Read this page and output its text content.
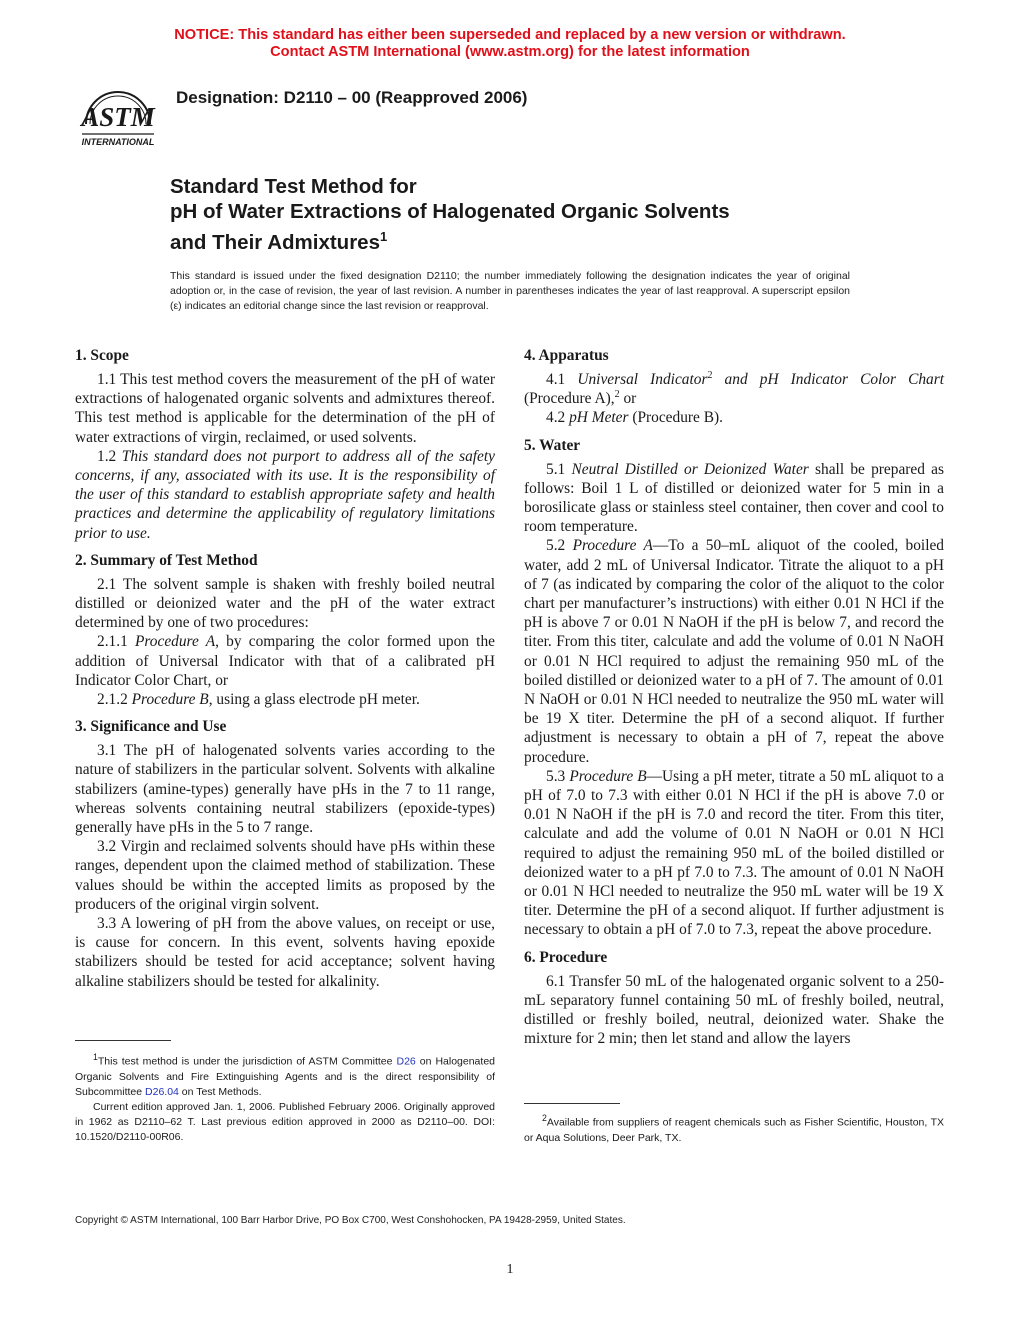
NOTICE: This standard has either been superseded and replaced by a new version or withdrawn.
Contact ASTM International (www.astm.org) for the latest information
ASTM
INTERNATIONAL
Designation: D2110 – 00 (Reapproved 2006)
Standard Test Method for
pH of Water Extractions of Halogenated Organic Solvents
and Their Admixtures$^1$
This standard is issued under the fixed designation D2110; the number immediately following the designation indicates the year of original adoption or, in the case of revision, the year of last revision. A number in parentheses indicates the year of last reapproval. A superscript epsilon (ε) indicates an editorial change since the last revision or reapproval.
1. Scope

1.1 This test method covers the measurement of the pH of water extractions of halogenated organic solvents and admixtures thereof. This test method is applicable for the determination of the pH of water extractions of virgin, reclaimed, or used solvents.

1.2 This standard does not purport to address all of the safety concerns, if any, associated with its use. It is the responsibility of the user of this standard to establish appropriate safety and health practices and determine the applicability of regulatory limitations prior to use.

2. Summary of Test Method

2.1 The solvent sample is shaken with freshly boiled neutral distilled or deionized water and the pH of the water extract determined by one of two procedures:

2.1.1 Procedure A, by comparing the color formed upon the addition of Universal Indicator with that of a calibrated pH Indicator Color Chart, or

2.1.2 Procedure B, using a glass electrode pH meter.

3. Significance and Use

3.1 The pH of halogenated solvents varies according to the nature of stabilizers in the particular solvent. Solvents with alkaline stabilizers (amine-types) generally have pHs in the 7 to 11 range, whereas solvents containing neutral stabilizers (epoxide-types) generally have pHs in the 5 to 7 range.

3.2 Virgin and reclaimed solvents should have pHs within these ranges, dependent upon the claimed method of stabilization. These values should be within the accepted limits as proposed by the producers of the original virgin solvent.

3.3 A lowering of pH from the above values, on receipt or use, is cause for concern. In this event, solvents having epoxide stabilizers should be tested for acid acceptance; solvent having alkaline stabilizers should be tested for alkalinity.

4. Apparatus

4.1 Universal Indicator$^2$ and pH Indicator Color Chart (Procedure A),$^2$ or

4.2 pH Meter (Procedure B).

5. Water

5.1 Neutral Distilled or Deionized Water shall be prepared as follows: Boil 1 L of distilled or deionized water for 5 min in a borosilicate glass or stainless steel container, then cover and cool to room temperature.

5.2 Procedure A—To a 50–mL aliquot of the cooled, boiled water, add 2 mL of Universal Indicator. Titrate the aliquot to a pH of 7 (as indicated by comparing the color of the aliquot to the color chart per manufacturer’s instructions) with either 0.01 N HCl if the pH is above 7 or 0.01 N NaOH if the pH is below 7, and record the titer. From this titer, calculate and add the volume of 0.01 N NaOH or 0.01 N HCl required to adjust the remaining 950 mL of the boiled distilled or deionized water to a pH of 7. The amount of 0.01 N NaOH or 0.01 N HCl needed to neutralize the 950 mL water will be 19 X titer. Determine the pH of a second aliquot. If further adjustment is necessary to obtain a pH of 7, repeat the above procedure.

5.3 Procedure B—Using a pH meter, titrate a 50 mL aliquot to a pH of 7.0 to 7.3 with either 0.01 N HCl if the pH is above 7.0 or 0.01 N NaOH if the pH is 7.0 and record the titer. From this titer, calculate and add the volume of 0.01 N NaOH or 0.01 N HCl required to adjust the remaining 950 mL of the boiled distilled or deionized water to a pH pf 7.0 to 7.3. The amount of 0.01 N NaOH or 0.01 N HCl needed to neutralize the 950 mL water will be 19 X titer. Determine the pH of a second aliquot. If further adjustment is necessary to obtain a pH of 7.0 to 7.3, repeat the above procedure.

6. Procedure

6.1 Transfer 50 mL of the halogenated organic solvent to a 250-mL separatory funnel containing 50 mL of freshly boiled, neutral, distilled or freshly boiled, neutral, deionized water. Shake the mixture for 2 min; then let stand and allow the layers

$^1$This test method is under the jurisdiction of ASTM Committee D26 on Halogenated Organic Solvents and Fire Extinguishing Agents and is the direct responsibility of Subcommittee D26.04 on Test Methods.

Current edition approved Jan. 1, 2006. Published February 2006. Originally approved in 1962 as D2110–62 T. Last previous edition approved in 2000 as D2110–00. DOI: 10.1520/D2110-00R06.

$^2$Available from suppliers of reagent chemicals such as Fisher Scientific, Houston, TX or Aqua Solutions, Deer Park, TX.

Copyright © ASTM International, 100 Barr Harbor Drive, PO Box C700, West Conshohocken, PA 19428-2959, United States.
1
